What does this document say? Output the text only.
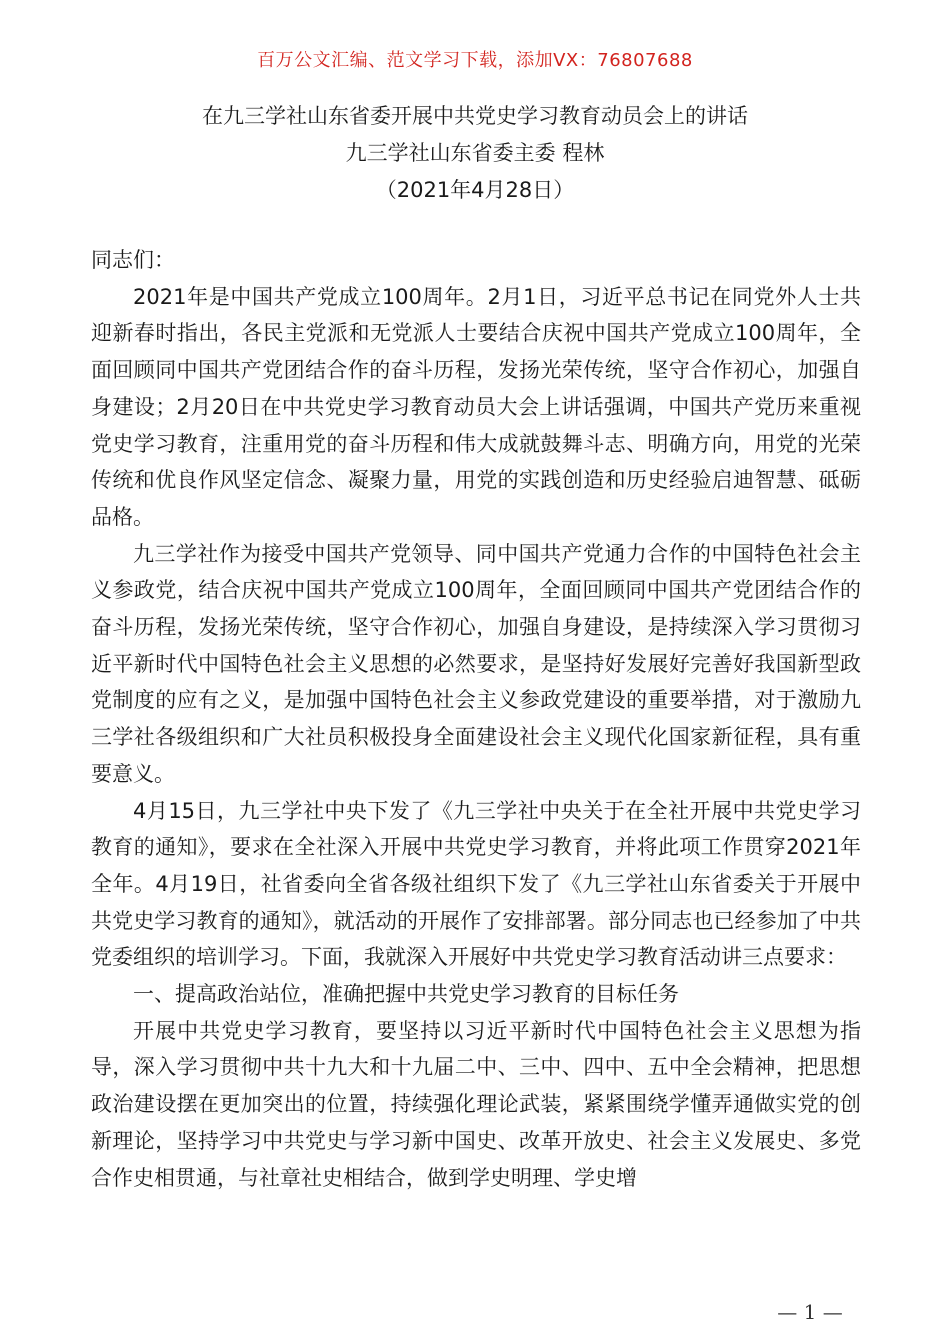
百万公文汇编、范文学习下载，添加VX：76807688
在九三学社山东省委开展中共党史学习教育动员会上的讲话
九三学社山东省委主委 程林
（2021年4月28日）

同志们：

2021年是中国共产党成立100周年。2月1日，习近平总书记在同党外人士共迎新春时指出，各民主党派和无党派人士要结合庆祝中国共产党成立100周年，全面回顾同中国共产党团结合作的奋斗历程，发扬光荣传统，坚守合作初心，加强自身建设；2月20日在中共党史学习教育动员大会上讲话强调，中国共产党历来重视党史学习教育，注重用党的奋斗历程和伟大成就鼓舞斗志、明确方向，用党的光荣传统和优良作风坚定信念、凝聚力量，用党的实践创造和历史经验启迪智慧、砥砺品格。

九三学社作为接受中国共产党领导、同中国共产党通力合作的中国特色社会主义参政党，结合庆祝中国共产党成立100周年，全面回顾同中国共产党团结合作的奋斗历程，发扬光荣传统，坚守合作初心，加强自身建设，是持续深入学习贯彻习近平新时代中国特色社会主义思想的必然要求，是坚持好发展好完善好我国新型政党制度的应有之义，是加强中国特色社会主义参政党建设的重要举措，对于激励九三学社各级组织和广大社员积极投身全面建设社会主义现代化国家新征程，具有重要意义。

4月15日，九三学社中央下发了《九三学社中央关于在全社开展中共党史学习教育的通知》，要求在全社深入开展中共党史学习教育，并将此项工作贯穿2021年全年。4月19日，社省委向全省各级社组织下发了《九三学社山东省委关于开展中共党史学习教育的通知》，就活动的开展作了安排部署。部分同志也已经参加了中共党委组织的培训学习。下面，我就深入开展好中共党史学习教育活动讲三点要求：

一、提高政治站位，准确把握中共党史学习教育的目标任务

开展中共党史学习教育，要坚持以习近平新时代中国特色社会主义思想为指导，深入学习贯彻中共十九大和十九届二中、三中、四中、五中全会精神，把思想政治建设摆在更加突出的位置，持续强化理论武装，紧紧围绕学懂弄通做实党的创新理论，坚持学习中共党史与学习新中国史、改革开放史、社会主义发展史、多党合作史相贯通，与社章社史相结合，做到学史明理、学史增

— 1 —
